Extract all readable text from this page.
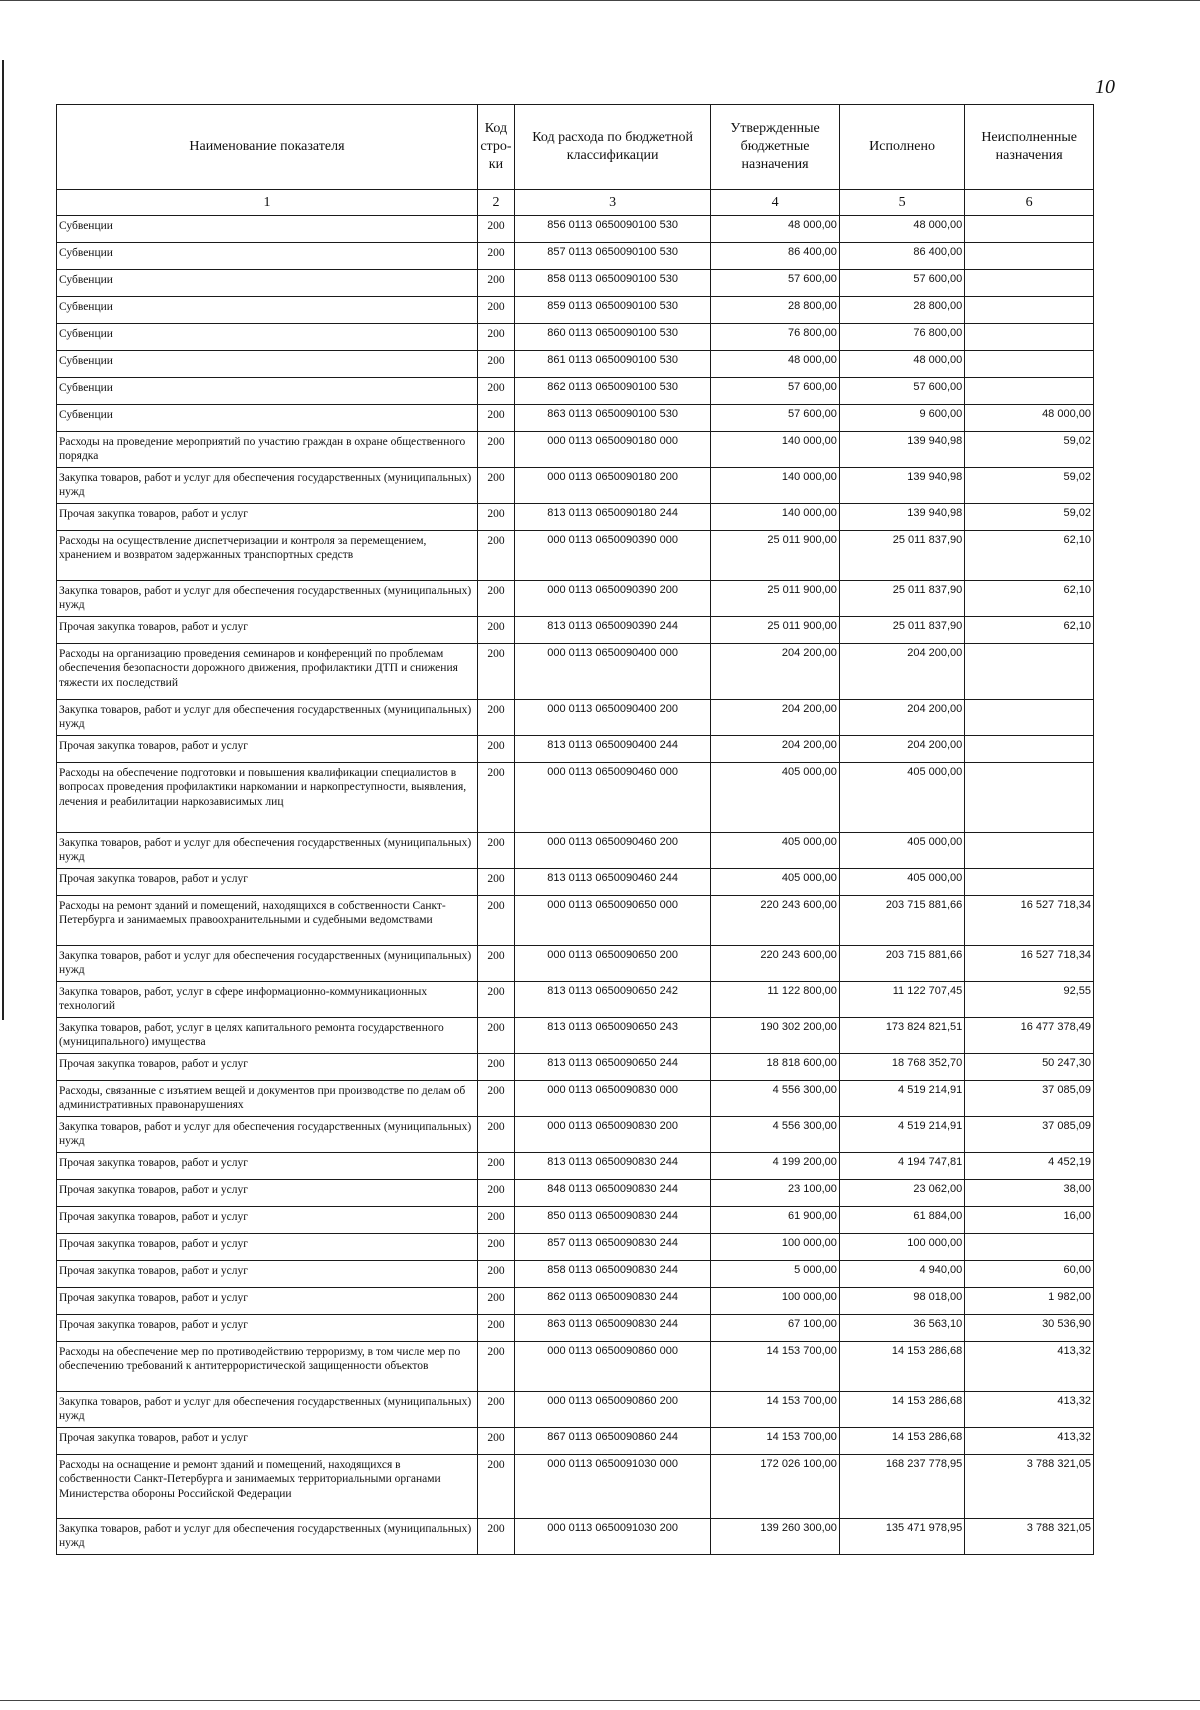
10
Наименование показателя	Код стро-ки	Код расхода по бюджетной классификации	Утвержденные бюджетные назначения	Исполнено	Неисполненные назначения
1	2	3	4	5	6
Субвенции	200	856 0113 0650090100 530	48 000,00	48 000,00	
Субвенции	200	857 0113 0650090100 530	86 400,00	86 400,00	
Субвенции	200	858 0113 0650090100 530	57 600,00	57 600,00	
Субвенции	200	859 0113 0650090100 530	28 800,00	28 800,00	
Субвенции	200	860 0113 0650090100 530	76 800,00	76 800,00	
Субвенции	200	861 0113 0650090100 530	48 000,00	48 000,00	
Субвенции	200	862 0113 0650090100 530	57 600,00	57 600,00	
Субвенции	200	863 0113 0650090100 530	57 600,00	9 600,00	48 000,00
Расходы на проведение мероприятий по участию граждан в охране общественного порядка	200	000 0113 0650090180 000	140 000,00	139 940,98	59,02
Закупка товаров, работ и услуг для обеспечения государственных (муниципальных) нужд	200	000 0113 0650090180 200	140 000,00	139 940,98	59,02
Прочая закупка товаров, работ и услуг	200	813 0113 0650090180 244	140 000,00	139 940,98	59,02
Расходы на осуществление диспетчеризации и контроля за перемещением, хранением и возвратом задержанных транспортных средств	200	000 0113 0650090390 000	25 011 900,00	25 011 837,90	62,10
Закупка товаров, работ и услуг для обеспечения государственных (муниципальных) нужд	200	000 0113 0650090390 200	25 011 900,00	25 011 837,90	62,10
Прочая закупка товаров, работ и услуг	200	813 0113 0650090390 244	25 011 900,00	25 011 837,90	62,10
Расходы на организацию проведения семинаров и конференций по проблемам обеспечения безопасности дорожного движения, профилактики ДТП и снижения тяжести их последствий	200	000 0113 0650090400 000	204 200,00	204 200,00	
Закупка товаров, работ и услуг для обеспечения государственных (муниципальных) нужд	200	000 0113 0650090400 200	204 200,00	204 200,00	
Прочая закупка товаров, работ и услуг	200	813 0113 0650090400 244	204 200,00	204 200,00	
Расходы на обеспечение подготовки и повышения квалификации специалистов в вопросах проведения профилактики наркомании и наркопреступности, выявления, лечения и реабилитации наркозависимых лиц	200	000 0113 0650090460 000	405 000,00	405 000,00	
Закупка товаров, работ и услуг для обеспечения государственных (муниципальных) нужд	200	000 0113 0650090460 200	405 000,00	405 000,00	
Прочая закупка товаров, работ и услуг	200	813 0113 0650090460 244	405 000,00	405 000,00	
Расходы на ремонт зданий и помещений, находящихся в собственности Санкт-Петербурга и занимаемых правоохранительными и судебными ведомствами	200	000 0113 0650090650 000	220 243 600,00	203 715 881,66	16 527 718,34
Закупка товаров, работ и услуг для обеспечения государственных (муниципальных) нужд	200	000 0113 0650090650 200	220 243 600,00	203 715 881,66	16 527 718,34
Закупка товаров, работ, услуг в сфере информационно-коммуникационных технологий	200	813 0113 0650090650 242	11 122 800,00	11 122 707,45	92,55
Закупка товаров, работ, услуг в целях капитального ремонта государственного (муниципального) имущества	200	813 0113 0650090650 243	190 302 200,00	173 824 821,51	16 477 378,49
Прочая закупка товаров, работ и услуг	200	813 0113 0650090650 244	18 818 600,00	18 768 352,70	50 247,30
Расходы, связанные с изъятием вещей и документов при производстве по делам об административных правонарушениях	200	000 0113 0650090830 000	4 556 300,00	4 519 214,91	37 085,09
Закупка товаров, работ и услуг для обеспечения государственных (муниципальных) нужд	200	000 0113 0650090830 200	4 556 300,00	4 519 214,91	37 085,09
Прочая закупка товаров, работ и услуг	200	813 0113 0650090830 244	4 199 200,00	4 194 747,81	4 452,19
Прочая закупка товаров, работ и услуг	200	848 0113 0650090830 244	23 100,00	23 062,00	38,00
Прочая закупка товаров, работ и услуг	200	850 0113 0650090830 244	61 900,00	61 884,00	16,00
Прочая закупка товаров, работ и услуг	200	857 0113 0650090830 244	100 000,00	100 000,00	
Прочая закупка товаров, работ и услуг	200	858 0113 0650090830 244	5 000,00	4 940,00	60,00
Прочая закупка товаров, работ и услуг	200	862 0113 0650090830 244	100 000,00	98 018,00	1 982,00
Прочая закупка товаров, работ и услуг	200	863 0113 0650090830 244	67 100,00	36 563,10	30 536,90
Расходы на обеспечение мер по противодействию терроризму, в том числе мер по обеспечению требований к антитеррористической защищенности объектов	200	000 0113 0650090860 000	14 153 700,00	14 153 286,68	413,32
Закупка товаров, работ и услуг для обеспечения государственных (муниципальных) нужд	200	000 0113 0650090860 200	14 153 700,00	14 153 286,68	413,32
Прочая закупка товаров, работ и услуг	200	867 0113 0650090860 244	14 153 700,00	14 153 286,68	413,32
Расходы на оснащение и ремонт зданий и помещений, находящихся в собственности Санкт-Петербурга и занимаемых территориальными органами Министерства обороны Российской Федерации	200	000 0113 0650091030 000	172 026 100,00	168 237 778,95	3 788 321,05
Закупка товаров, работ и услуг для обеспечения государственных (муниципальных) нужд	200	000 0113 0650091030 200	139 260 300,00	135 471 978,95	3 788 321,05
